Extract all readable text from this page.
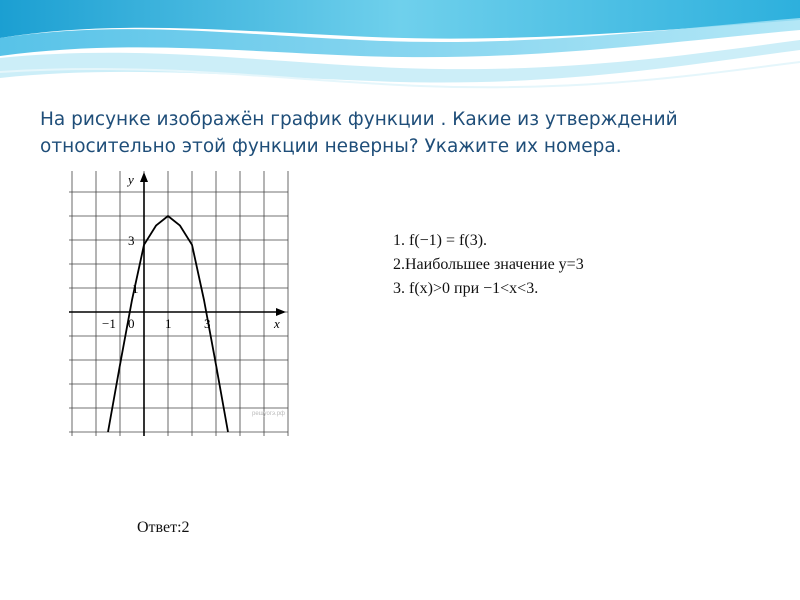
На рисунке изображён график функции . Какие из утверждений
относительно этой функции неверны? Укажите их номера.
−1 0 1	3
1
3
x
y
решуогэ.рф
1. f(−1) = f(3).
2.Наибольшее значение y=3
3. f(x)>0 при −1<x<3.
Ответ:2
